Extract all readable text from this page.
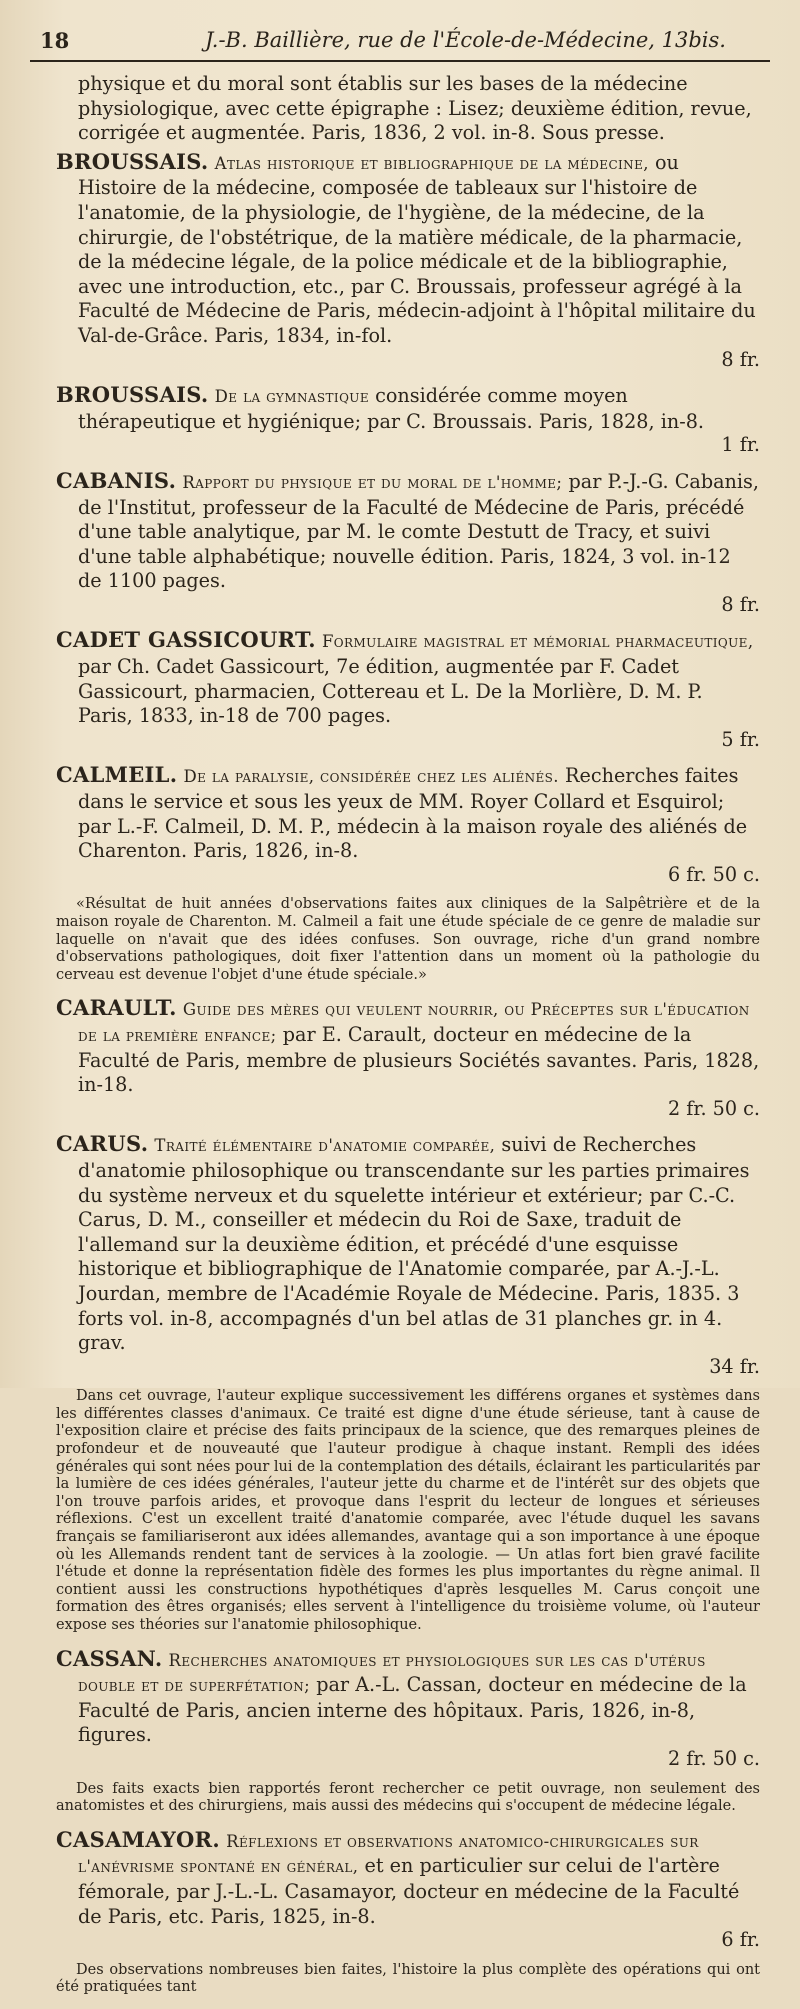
18	J.-B. Baillière, rue de l'École-de-Médecine, 13bis.

physique et du moral sont établis sur les bases de la médecine physiologique, avec cette épigraphe : Lisez; deuxième édition, revue, corrigée et augmentée. Paris, 1836, 2 vol. in-8. Sous presse.

BROUSSAIS. Atlas historique et bibliographique de la médecine, ou Histoire de la médecine, composée de tableaux sur l'histoire de l'anatomie, de la physiologie, de l'hygiène, de la médecine, de la chirurgie, de l'obstétrique, de la matière médicale, de la pharmacie, de la médecine légale, de la police médicale et de la bibliographie, avec une introduction, etc., par C. Broussais, professeur agrégé à la Faculté de Médecine de Paris, médecin-adjoint à l'hôpital militaire du Val-de-Grâce. Paris, 1834, in-fol.
8 fr.
BROUSSAIS. De la gymnastique considérée comme moyen thérapeutique et hygiénique; par C. Broussais. Paris, 1828, in-8.
1 fr.
CABANIS. Rapport du physique et du moral de l'homme; par P.-J.-G. Cabanis, de l'Institut, professeur de la Faculté de Médecine de Paris, précédé d'une table analytique, par M. le comte Destutt de Tracy, et suivi d'une table alphabétique; nouvelle édition. Paris, 1824, 3 vol. in-12 de 1100 pages.
8 fr.
CADET GASSICOURT. Formulaire magistral et mémorial pharmaceutique, par Ch. Cadet Gassicourt, 7e édition, augmentée par F. Cadet Gassicourt, pharmacien, Cottereau et L. De la Morlière, D. M. P. Paris, 1833, in-18 de 700 pages.
5 fr.
CALMEIL. De la paralysie, considérée chez les aliénés. Recherches faites dans le service et sous les yeux de MM. Royer Collard et Esquirol; par L.-F. Calmeil, D. M. P., médecin à la maison royale des aliénés de Charenton. Paris, 1826, in-8.
6 fr. 50 c.

«Résultat de huit années d'observations faites aux cliniques de la Salpêtrière et de la maison royale de Charenton. M. Calmeil a fait une étude spéciale de ce genre de maladie sur laquelle on n'avait que des idées confuses. Son ouvrage, riche d'un grand nombre d'observations pathologiques, doit fixer l'attention dans un moment où la pathologie du cerveau est devenue l'objet d'une étude spéciale.»

CARAULT. Guide des mères qui veulent nourrir, ou Préceptes sur l'éducation de la première enfance; par E. Carault, docteur en médecine de la Faculté de Paris, membre de plusieurs Sociétés savantes. Paris, 1828, in-18.
2 fr. 50 c.
CARUS. Traité élémentaire d'anatomie comparée, suivi de Recherches d'anatomie philosophique ou transcendante sur les parties primaires du système nerveux et du squelette intérieur et extérieur; par C.-C. Carus, D. M., conseiller et médecin du Roi de Saxe, traduit de l'allemand sur la deuxième édition, et précédé d'une esquisse historique et bibliographique de l'Anatomie comparée, par A.-J.-L. Jourdan, membre de l'Académie Royale de Médecine. Paris, 1835. 3 forts vol. in-8, accompagnés d'un bel atlas de 31 planches gr. in 4. grav.
34 fr.

Dans cet ouvrage, l'auteur explique successivement les différens organes et systèmes dans les différentes classes d'animaux. Ce traité est digne d'une étude sérieuse, tant à cause de l'exposition claire et précise des faits principaux de la science, que des remarques pleines de profondeur et de nouveauté que l'auteur prodigue à chaque instant. Rempli des idées générales qui sont nées pour lui de la contemplation des détails, éclairant les particularités par la lumière de ces idées générales, l'auteur jette du charme et de l'intérêt sur des objets que l'on trouve parfois arides, et provoque dans l'esprit du lecteur de longues et sérieuses réflexions. C'est un excellent traité d'anatomie comparée, avec l'étude duquel les savans français se familiariseront aux idées allemandes, avantage qui a son importance à une époque où les Allemands rendent tant de services à la zoologie. — Un atlas fort bien gravé facilite l'étude et donne la représentation fidèle des formes les plus importantes du règne animal. Il contient aussi les constructions hypothétiques d'après lesquelles M. Carus conçoit une formation des êtres organisés; elles servent à l'intelligence du troisième volume, où l'auteur expose ses théories sur l'anatomie philosophique.

CASSAN. Recherches anatomiques et physiologiques sur les cas d'utérus double et de superfétation; par A.-L. Cassan, docteur en médecine de la Faculté de Paris, ancien interne des hôpitaux. Paris, 1826, in-8, figures.
2 fr. 50 c.

Des faits exacts bien rapportés feront rechercher ce petit ouvrage, non seulement des anatomistes et des chirurgiens, mais aussi des médecins qui s'occupent de médecine légale.

CASAMAYOR. Réflexions et observations anatomico-chirurgicales sur l'anévrisme spontané en général, et en particulier sur celui de l'artère fémorale, par J.-L.-L. Casamayor, docteur en médecine de la Faculté de Paris, etc. Paris, 1825, in-8.
6 fr.

Des observations nombreuses bien faites, l'histoire la plus complète des opérations qui ont été pratiquées tant
